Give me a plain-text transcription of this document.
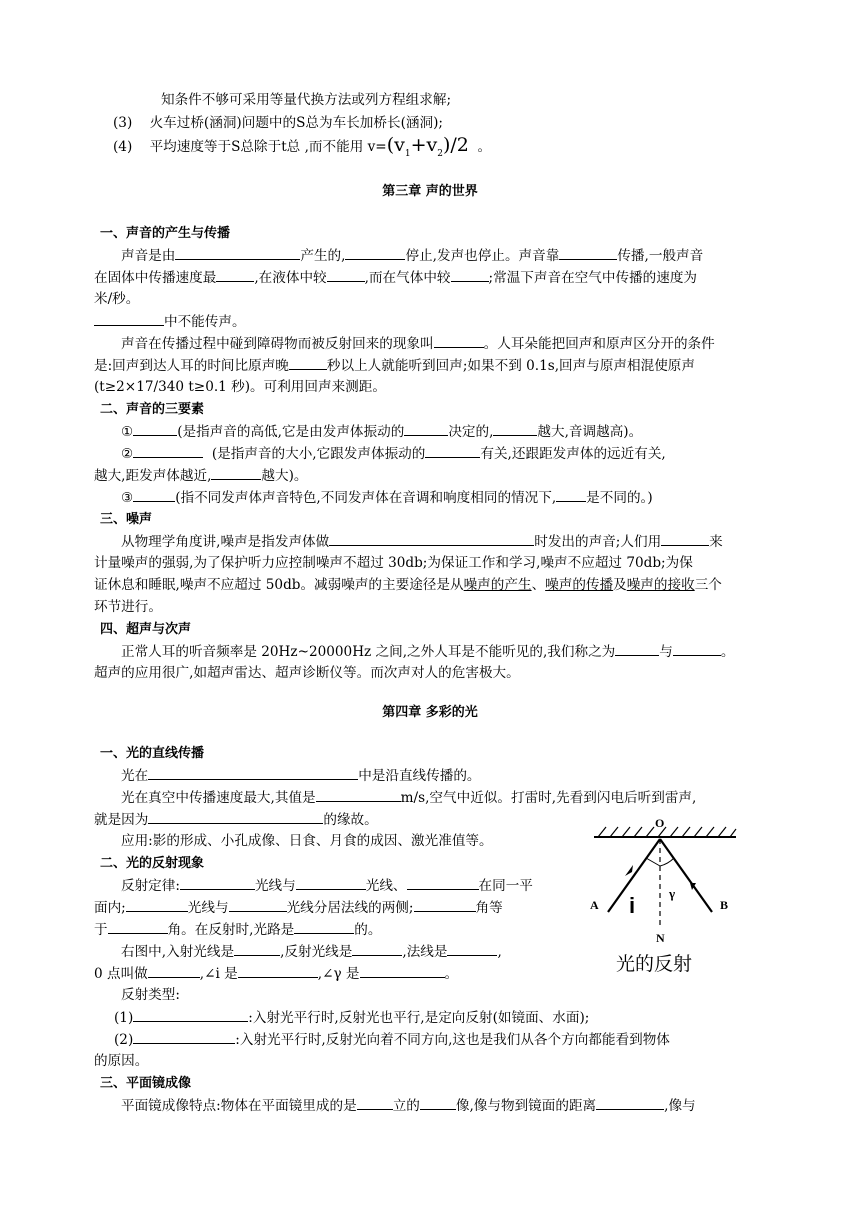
知条件不够可采用等量代换方法或列方程组求解;
(3) 火车过桥(涵洞)问题中的S总为车长加桥长(涵洞);
(4) 平均速度等于S总除于t总 ,而不能用 $v=(v_1+v_2)/2$ 。
第三章 声的世界
一、声音的产生与传播
声音是由	产生的,	停止,发声也停止。声音靠	传播,一般声音
在固体中传播速度最	,在液体中较	,而在气体中较	;常温下声音在空气中传播的速度为
米/秒。
中不能传声。
声音在传播过程中碰到障碍物而被反射回来的现象叫	。人耳朵能把回声和原声区分开的条件
是:回声到达人耳的时间比原声晚	秒以上人就能听到回声;如果不到 0.1s,回声与原声相混使原声
(t≥2×17/340 t≥0.1 秒)。可利用回声来测距。
二、声音的三要素
①	(是指声音的高低,它是由发声体振动的	决定的,	越大,音调越高)。
②	(是指声音的大小,它跟发声体振动的	有关,还跟距发声体的远近有关,
越大,距发声体越近,	越大)。
③	(指不同发声体声音特色,不同发声体在音调和响度相同的情况下, 是不同的。)
三、噪声
从物理学角度讲,噪声是指发声体做	时发出的声音;人们用	来
计量噪声的强弱,为了保护听力应控制噪声不超过 30db;为保证工作和学习,噪声不应超过 70db;为保
证休息和睡眠,噪声不应超过 50db。减弱噪声的主要途径是从噪声的产生、噪声的传播及噪声的接收三个
环节进行。
四、超声与次声
正常人耳的听音频率是 20Hz~20000Hz 之间,之外人耳是不能听见的,我们称之为	与	。
超声的应用很广,如超声雷达、超声诊断仪等。而次声对人的危害极大。
第四章 多彩的光
一、光的直线传播
光在	中是沿直线传播的。
光在真空中传播速度最大,其值是	m/s,空气中近似。打雷时,先看到闪电后听到雷声,
就是因为	的缘故。
应用:影的形成、小孔成像、日食、月食的成因、激光准值等。
二、光的反射现象
反射定律:	光线与	光线、	在同一平
面内;	光线与	光线分居法线的两侧;	角等
于	角。在反射时,光路是	的。
右图中,入射光线是	,反射光线是	,法线是	,
0 点叫做	,∠i 是	,∠γ 是	。
反射类型:
(1)	:入射光平行时,反射光也平行,是定向反射(如镜面、水面);
(2)	:入射光平行时,反射光向着不同方向,这也是我们从各个方向都能看到物体
的原因。
三、平面镜成像
平面镜成像特点:物体在平面镜里成的是	立的	像,像与物到镜面的距离	,像与
O
A	B
N
i	γ
光的反射
